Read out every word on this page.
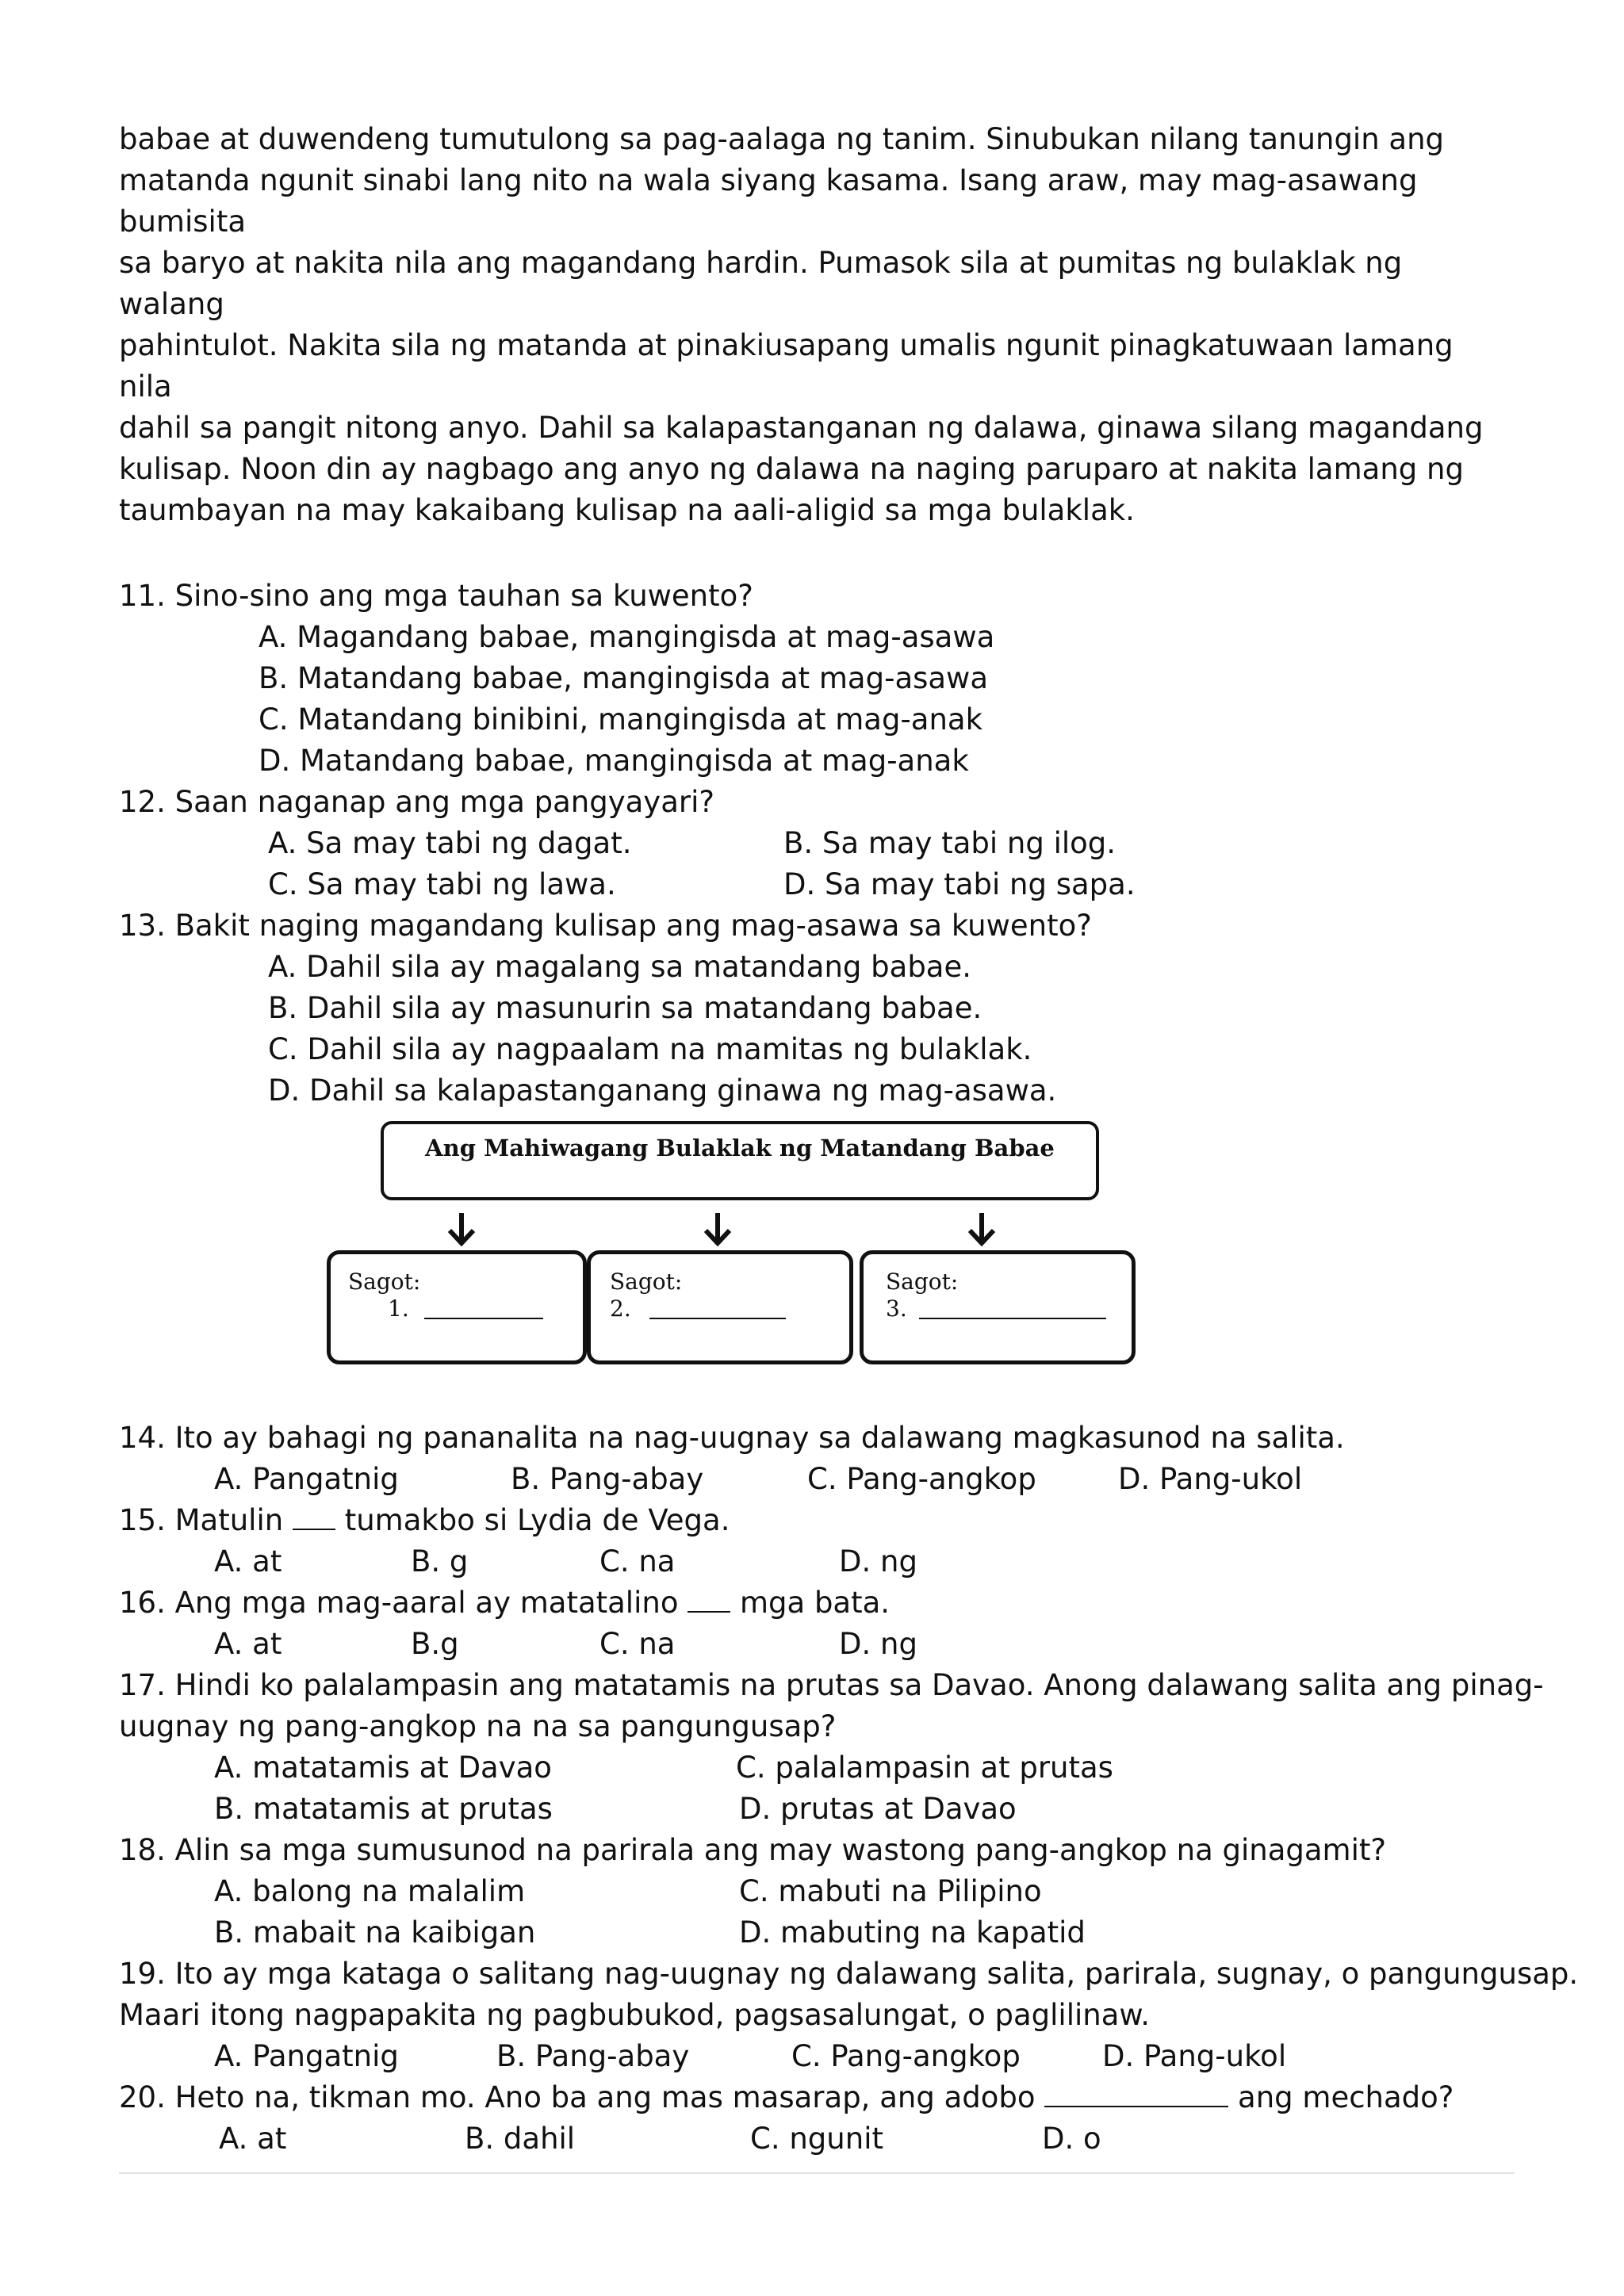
babae at duwendeng tumutulong sa pag-aalaga ng tanim. Sinubukan nilang tanungin ang

matanda ngunit sinabi lang nito na wala siyang kasama. Isang araw, may mag-asawang bumisita

sa baryo at nakita nila ang magandang hardin. Pumasok sila at pumitas ng bulaklak ng walang

pahintulot. Nakita sila ng matanda at pinakiusapang umalis ngunit pinagkatuwaan lamang nila

dahil sa pangit nitong anyo. Dahil sa kalapastanganan ng dalawa, ginawa silang magandang

kulisap. Noon din ay nagbago ang anyo ng dalawa na naging paruparo at nakita lamang ng

taumbayan na may kakaibang kulisap na aali-aligid sa mga bulaklak.

11. Sino-sino ang mga tauhan sa kuwento?
A. Magandang babae, mangingisda at mag-asawa
B. Matandang babae, mangingisda at mag-asawa
C. Matandang binibini, mangingisda at mag-anak
D. Matandang babae, mangingisda at mag-anak
12. Saan naganap ang mga pangyayari?
A. Sa may tabi ng dagat.	B. Sa may tabi ng ilog.
C. Sa may tabi ng lawa.	D. Sa may tabi ng sapa.
13. Bakit naging magandang kulisap ang mag-asawa sa kuwento?
A. Dahil sila ay magalang sa matandang babae.
B. Dahil sila ay masunurin sa matandang babae.
C. Dahil sila ay nagpaalam na mamitas ng bulaklak.
D. Dahil sa kalapastanganang ginawa ng mag-asawa.
Ang Mahiwagang Bulaklak ng Matandang Babae
Sagot:
1.
Sagot:
2.
Sagot:
3.
14. Ito ay bahagi ng pananalita na nag-uugnay sa dalawang magkasunod na salita.
A. Pangatnig	B. Pang-abay	C. Pang-angkop	D. Pang-ukol
15. Matulin  tumakbo si Lydia de Vega.
A. at	B. g	C. na	D. ng
16. Ang mga mag-aaral ay matatalino  mga bata.
A. at	B.g	C. na	D. ng
17. Hindi ko palalampasin ang matatamis na prutas sa Davao. Anong dalawang salita ang pinag-
uugnay ng pang-angkop na na sa pangungusap?
A. matatamis at Davao	C. palalampasin at prutas
B. matatamis at prutas	D. prutas at Davao
18. Alin sa mga sumusunod na parirala ang may wastong pang-angkop na ginagamit?
A. balong na malalim	C. mabuti na Pilipino
B. mabait na kaibigan	D. mabuting na kapatid
19. Ito ay mga kataga o salitang nag-uugnay ng dalawang salita, parirala, sugnay, o pangungusap.
Maari itong nagpapakita ng pagbubukod, pagsasalungat, o paglilinaw.
A. Pangatnig	B. Pang-abay	C. Pang-angkop	D. Pang-ukol
20. Heto na, tikman mo. Ano ba ang mas masarap, ang adobo	ang mechado?
A. at	B. dahil	C. ngunit	D. o
